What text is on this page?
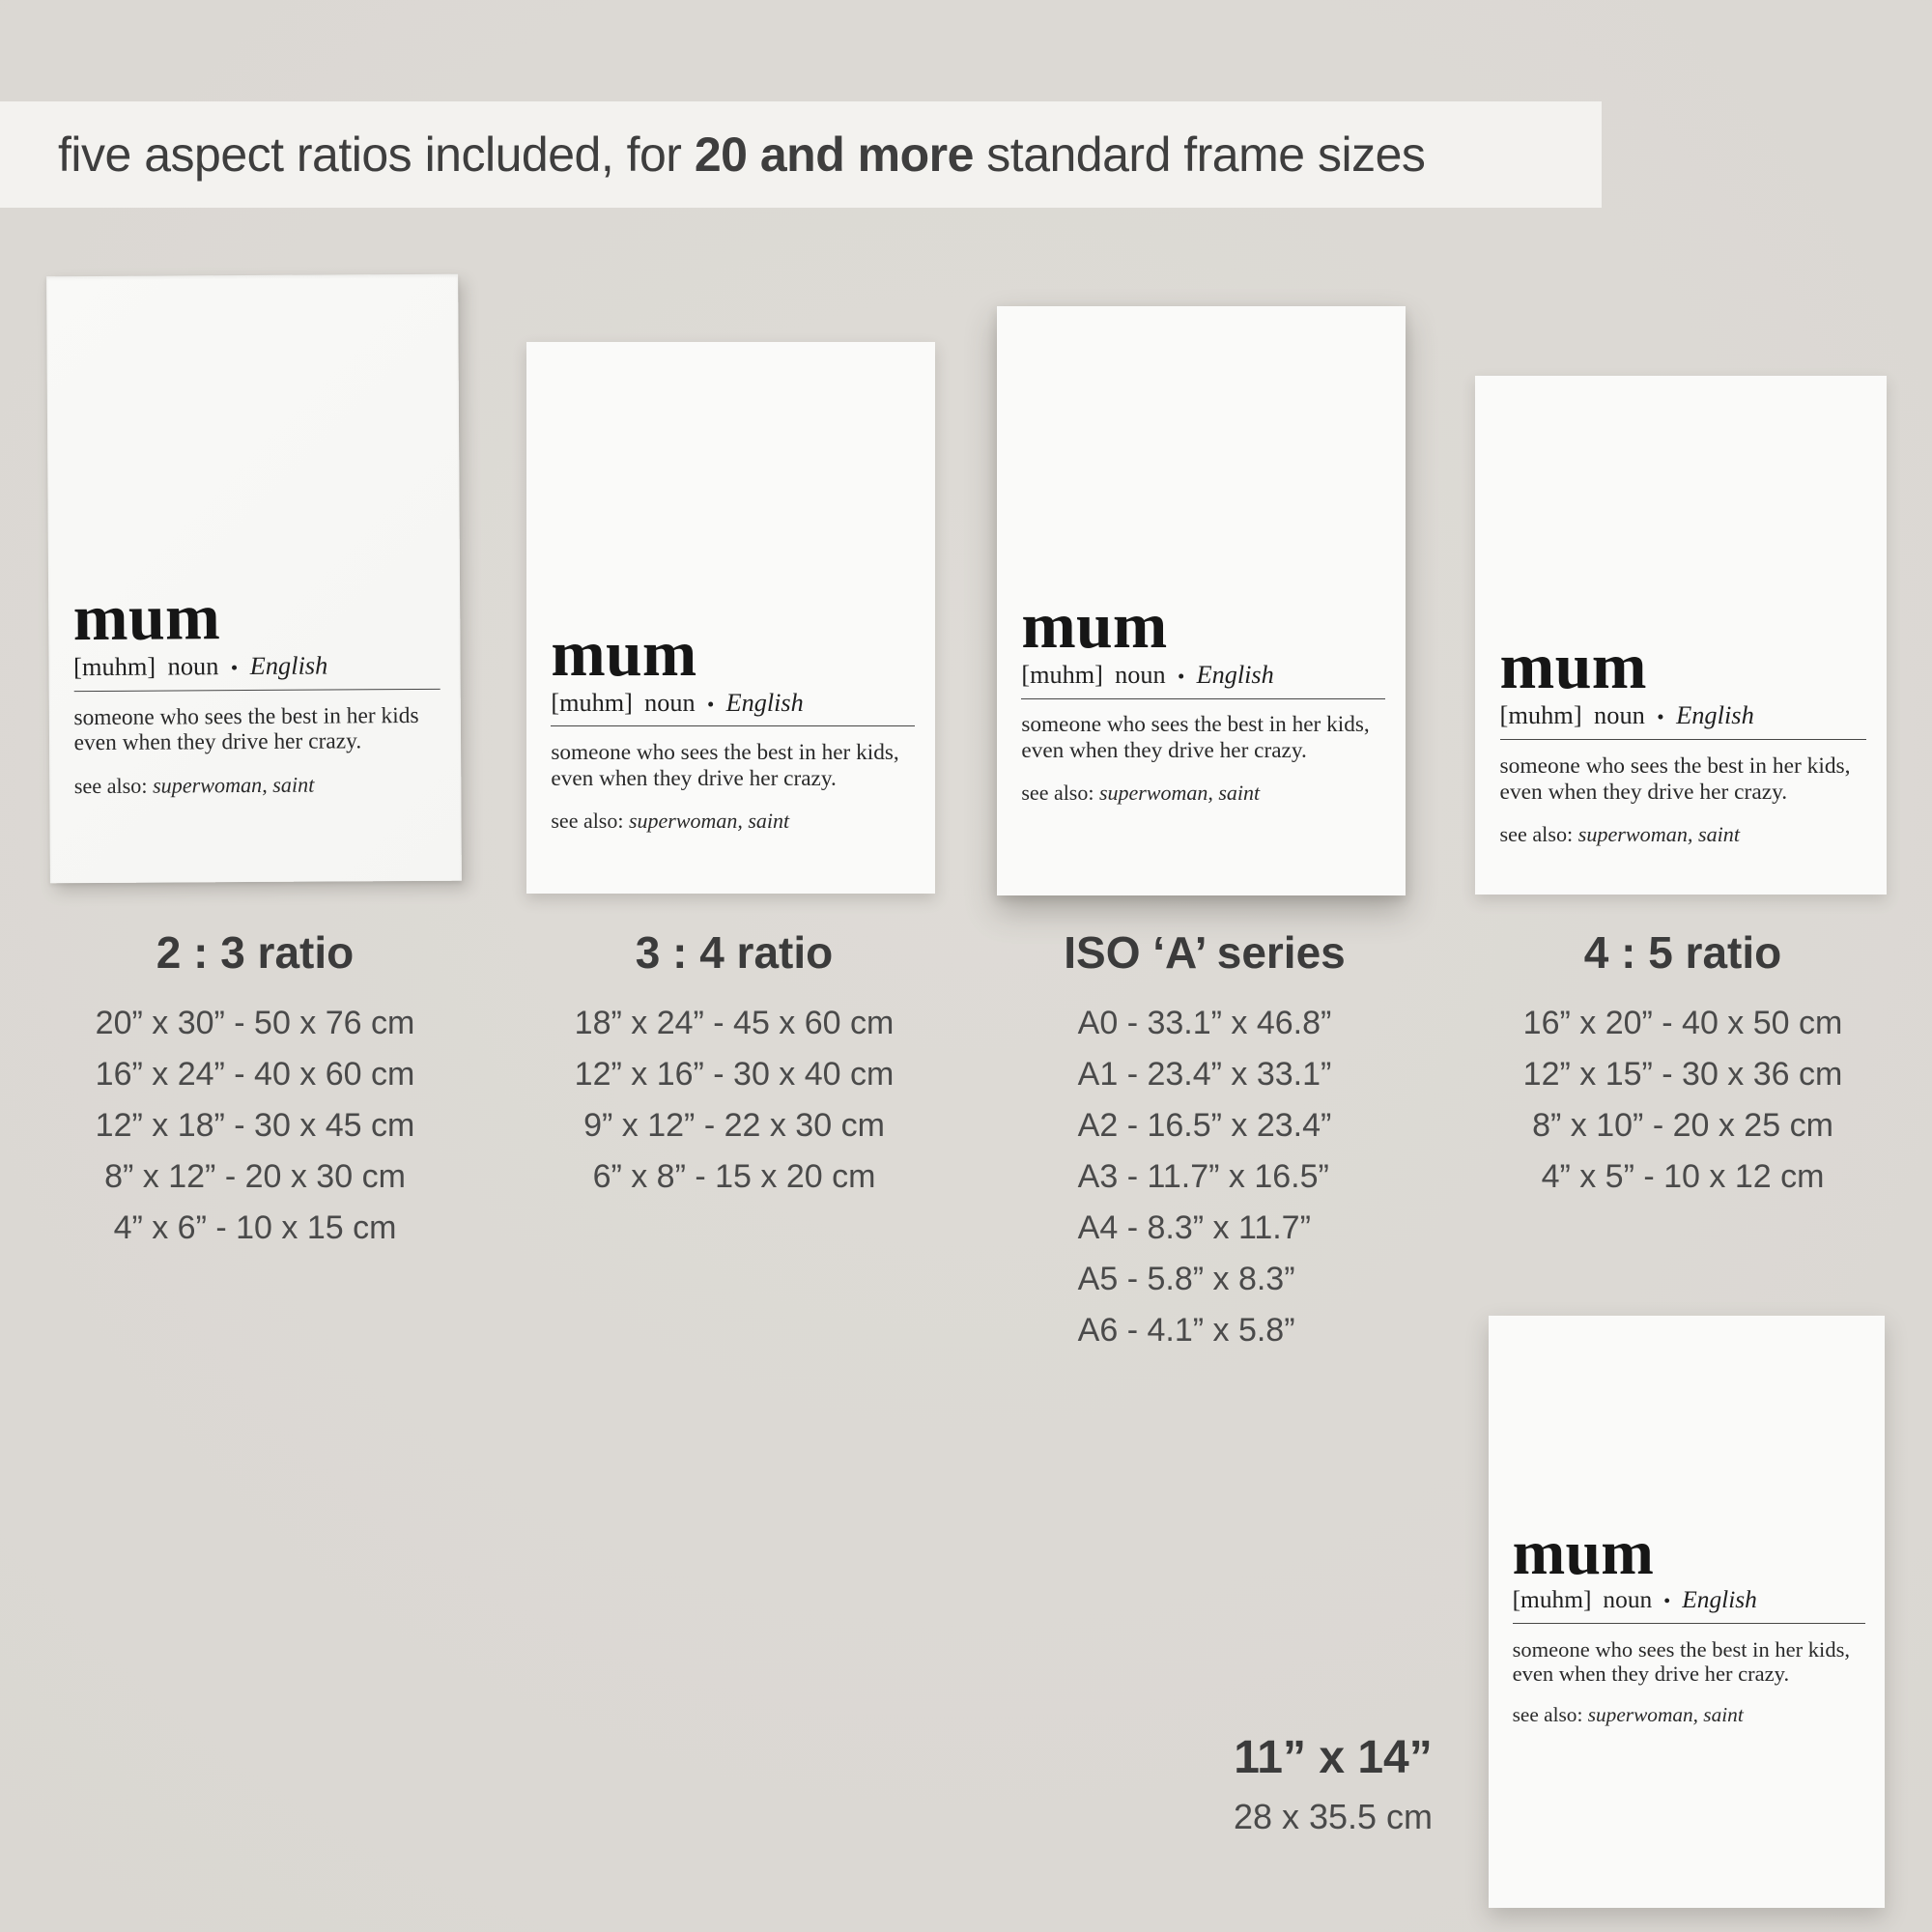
five aspect ratios included, for 20 and more standard frame sizes
mum
[muhm] noun • English
someone who sees the best in her kids
even when they drive her crazy.
see also: superwoman, saint
mum
[muhm] noun • English
someone who sees the best in her kids,
even when they drive her crazy.
see also: superwoman, saint
mum
[muhm] noun • English
someone who sees the best in her kids,
even when they drive her crazy.
see also: superwoman, saint
mum
[muhm] noun • English
someone who sees the best in her kids,
even when they drive her crazy.
see also: superwoman, saint
mum
[muhm] noun • English
someone who sees the best in her kids,
even when they drive her crazy.
see also: superwoman, saint
2 : 3 ratio
20” x 30” - 50 x 76 cm
16” x 24” - 40 x 60 cm
12” x 18” - 30 x 45 cm
8” x 12” - 20 x 30 cm
4” x 6” - 10 x 15 cm
3 : 4 ratio
18” x 24” - 45 x 60 cm
12” x 16” - 30 x 40 cm
9” x 12” - 22 x 30 cm
6” x 8” - 15 x 20 cm
ISO ‘A’ series
A0 - 33.1” x 46.8”
A1 - 23.4” x 33.1”
A2 - 16.5” x 23.4”
A3 - 11.7” x 16.5”
A4 - 8.3” x 11.7”
A5 - 5.8” x 8.3”
A6 - 4.1” x 5.8”
4 : 5 ratio
16” x 20” - 40 x 50 cm
12” x 15” - 30 x 36 cm
8” x 10” - 20 x 25 cm
4” x 5” - 10 x 12 cm
11” x 14”
28 x 35.5 cm
